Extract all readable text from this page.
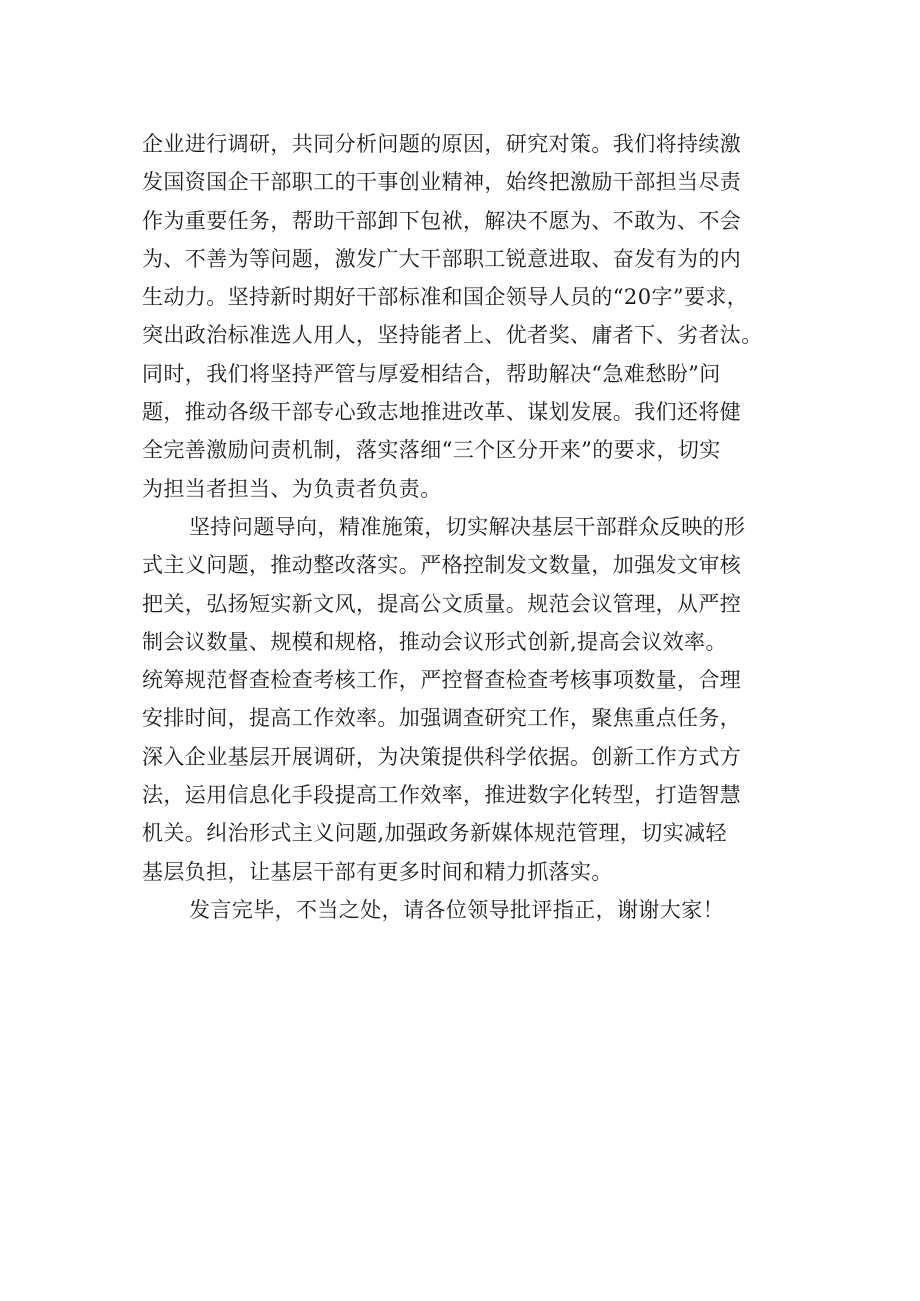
企业进行调研，共同分析问题的原因，研究对策。我们将持续激

发国资国企干部职工的干事创业精神，始终把激励干部担当尽责

作为重要任务，帮助干部卸下包袱，解决不愿为、不敢为、不会

为、不善为等问题，激发广大干部职工锐意进取、奋发有为的内

生动力。坚持新时期好干部标准和国企领导人员的“20字”要求，

突出政治标准选人用人，坚持能者上、优者奖、庸者下、劣者汰。

同时，我们将坚持严管与厚爱相结合，帮助解决“急难愁盼”问

题，推动各级干部专心致志地推进改革、谋划发展。我们还将健

全完善激励问责机制，落实落细“三个区分开来”的要求，切实

为担当者担当、为负责者负责。

坚持问题导向，精准施策，切实解决基层干部群众反映的形

式主义问题，推动整改落实。严格控制发文数量，加强发文审核

把关，弘扬短实新文风，提高公文质量。规范会议管理，从严控

制会议数量、规模和规格，推动会议形式创新,提高会议效率。

统筹规范督查检查考核工作，严控督查检查考核事项数量，合理

安排时间，提高工作效率。加强调查研究工作，聚焦重点任务，

深入企业基层开展调研，为决策提供科学依据。创新工作方式方

法，运用信息化手段提高工作效率，推进数字化转型，打造智慧

机关。纠治形式主义问题,加强政务新媒体规范管理，切实减轻

基层负担，让基层干部有更多时间和精力抓落实。

发言完毕，不当之处，请各位领导批评指正，谢谢大家！
